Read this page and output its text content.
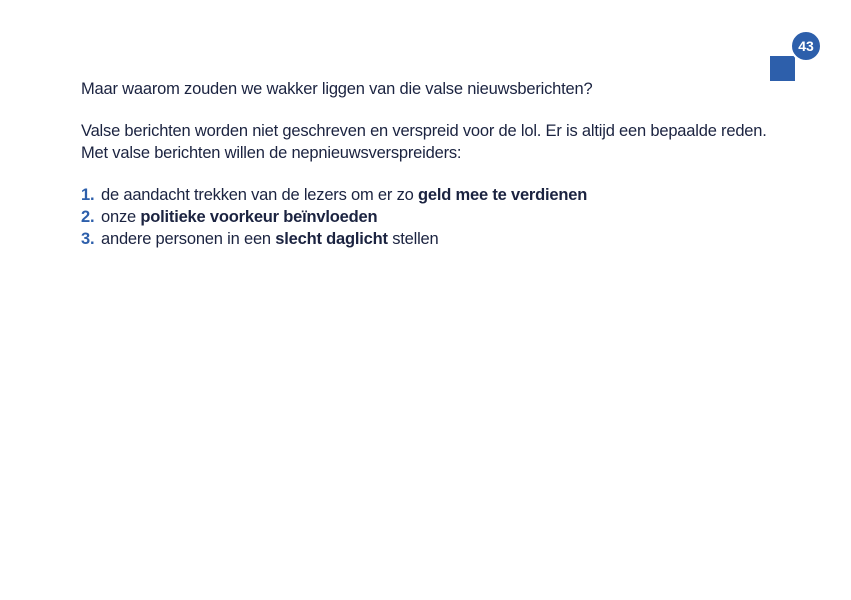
43

Maar waarom zouden we wakker liggen van die valse nieuwsberichten?

Valse berichten worden niet geschreven en verspreid voor de lol. Er is altijd een bepaalde reden. Met valse berichten willen de nepnieuwsverspreiders:

1. de aandacht trekken van de lezers om er zo geld mee te verdienen
2. onze politieke voorkeur beïnvloeden
3. andere personen in een slecht daglicht stellen
